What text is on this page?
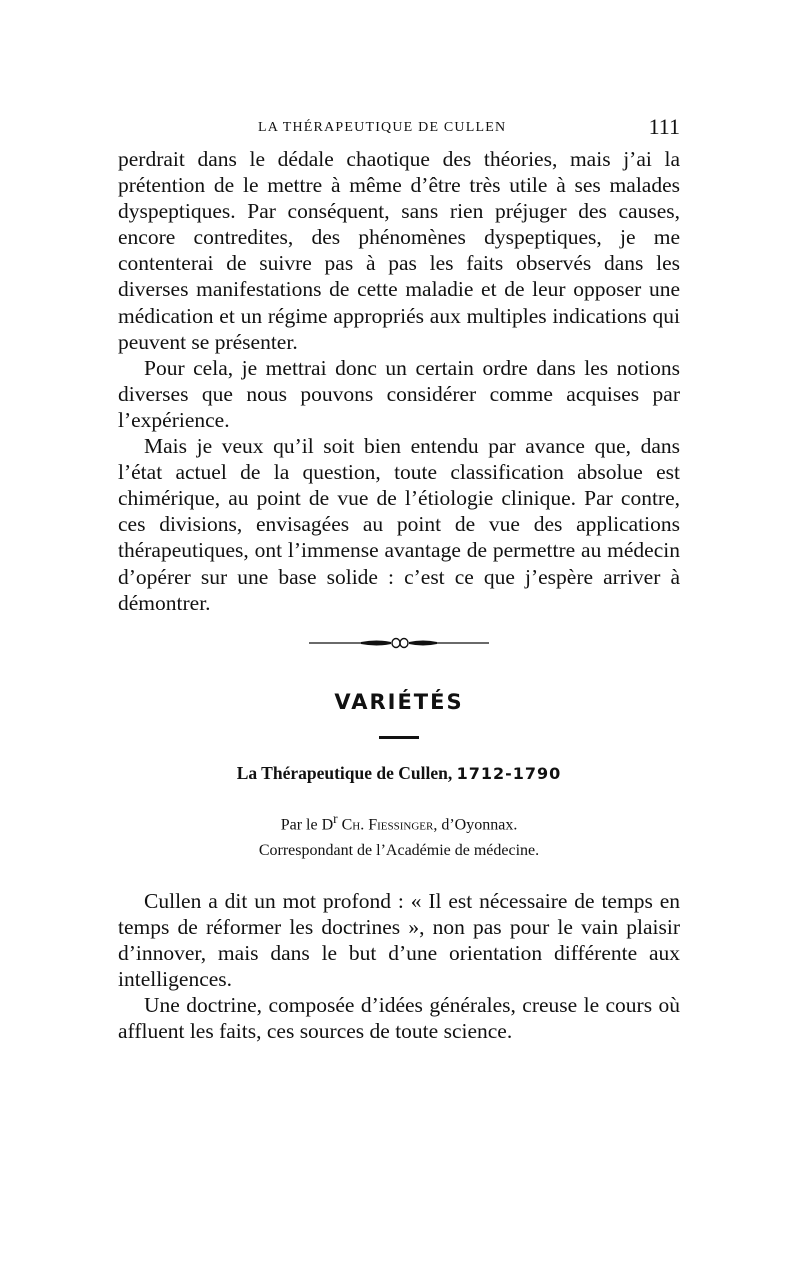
LA THÉRAPEUTIQUE DE CULLEN	111

perdrait dans le dédale chaotique des théories, mais j’ai la prétention de le mettre à même d’être très utile à ses malades dyspeptiques. Par conséquent, sans rien préjuger des causes, encore contredites, des phénomènes dyspeptiques, je me contenterai de suivre pas à pas les faits observés dans les diverses manifestations de cette maladie et de leur opposer une médication et un régime appropriés aux multiples indications qui peuvent se présenter.

Pour cela, je mettrai donc un certain ordre dans les notions diverses que nous pouvons considérer comme acquises par l’expérience.

Mais je veux qu’il soit bien entendu par avance que, dans l’état actuel de la question, toute classification absolue est chimérique, au point de vue de l’étiologie clinique. Par contre, ces divisions, envisagées au point de vue des applications thérapeutiques, ont l’immense avantage de permettre au médecin d’opérer sur une base solide : c’est ce que j’espère arriver à démontrer.

VARIÉTÉS
La Thérapeutique de Cullen, 1712-1790
Par le $D^r$ Ch. Fiessinger, d’Oyonnax.
Correspondant de l’Académie de médecine.

Cullen a dit un mot profond : « Il est nécessaire de temps en temps de réformer les doctrines », non pas pour le vain plaisir d’innover, mais dans le but d’une orientation différente aux intelligences.

Une doctrine, composée d’idées générales, creuse le cours où affluent les faits, ces sources de toute science.
